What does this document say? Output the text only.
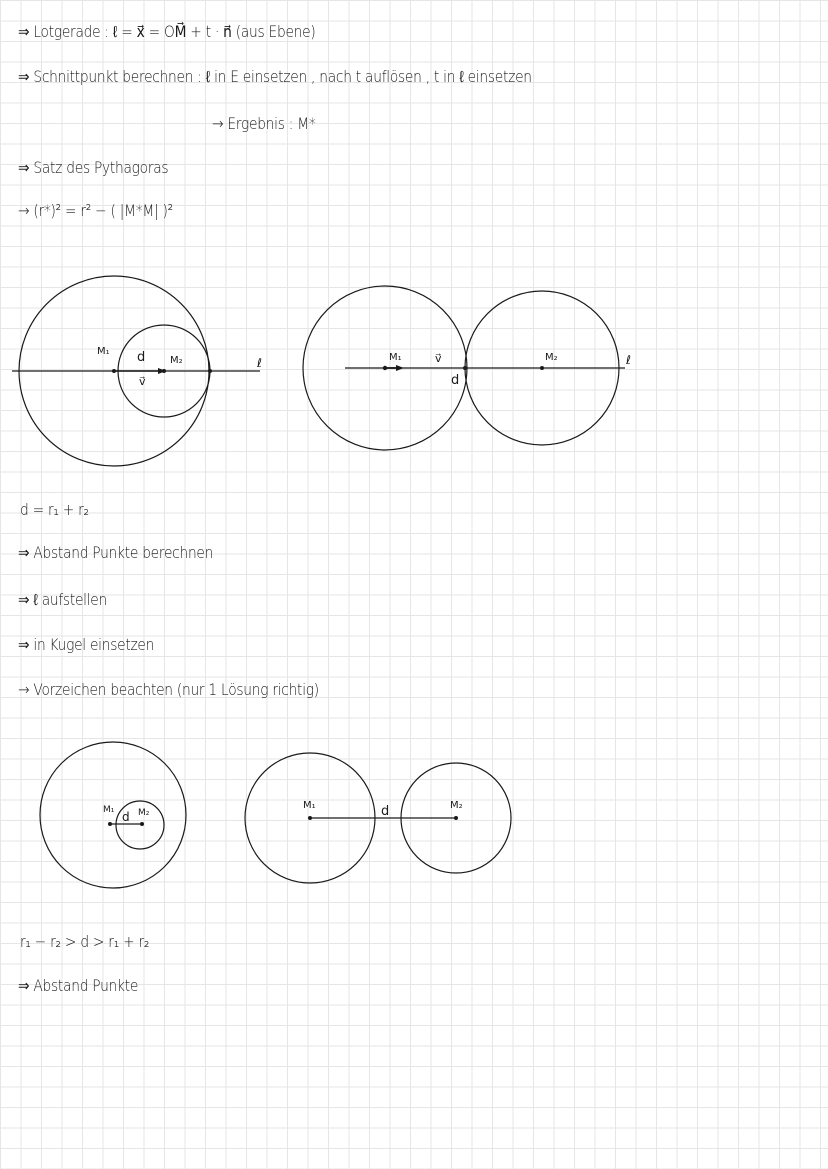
⇒ Lotgerade : ℓ = x⃗ = OM⃗ + t · n⃗ (aus Ebene)
⇒ Schnittpunkt berechnen : ℓ in E einsetzen , nach t auflösen , t in ℓ einsetzen
→ Ergebnis : M*
⇒ Satz des Pythagoras
→ (r*)² = r² − ( |M*M| )²
M₁ d M₂
v⃗
ℓ	M₁	v⃗
d
M₂	ℓ
d = r₁ + r₂
⇒ Abstand Punkte berechnen
⇒ ℓ aufstellen
⇒ in Kugel einsetzen
→ Vorzeichen beachten (nur 1 Lösung richtig)
M₁ d M₂
M₁	d	M₂
r₁ − r₂ > d > r₁ + r₂
⇒ Abstand Punkte
